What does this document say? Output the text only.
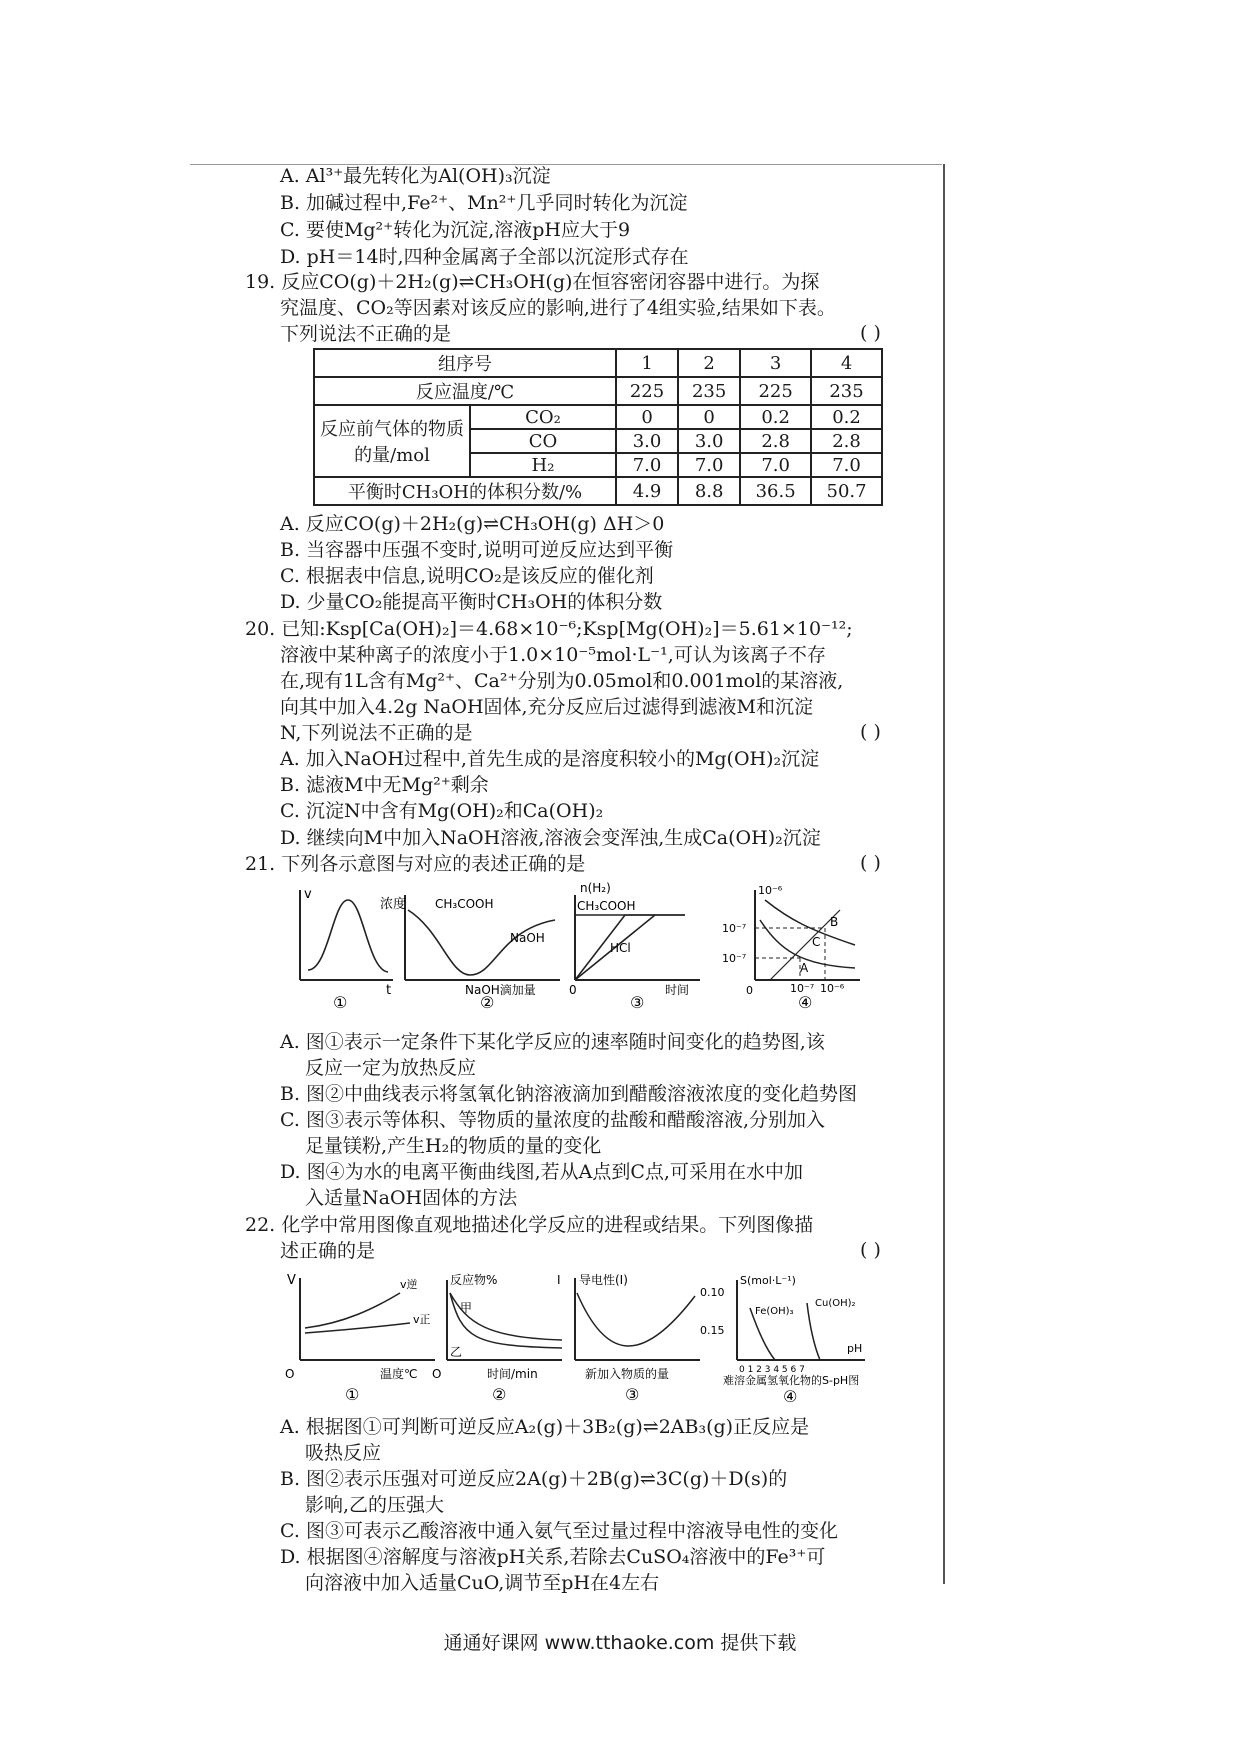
A. Al³⁺最先转化为Al(OH)₃沉淀
B. 加碱过程中,Fe²⁺、Mn²⁺几乎同时转化为沉淀
C. 要使Mg²⁺转化为沉淀,溶液pH应大于9
D. pH＝14时,四种金属离子全部以沉淀形式存在
19. 反应CO(g)＋2H₂(g)⇌CH₃OH(g)在恒容密闭容器中进行。为探
究温度、CO₂等因素对该反应的影响,进行了4组实验,结果如下表。
下列说法不正确的是	( )
组序号		1	2	3	4
反应温度/℃		225	235	225	235
反应前气体的物质的量/mol	CO₂	0	0	0.2	0.2
	CO	3.0	3.0	2.8	2.8
	H₂	7.0	7.0	7.0	7.0
平衡时CH₃OH的体积分数/%		4.9	8.8	36.5	50.7
A. 反应CO(g)＋2H₂(g)⇌CH₃OH(g) ΔH＞0
B. 当容器中压强不变时,说明可逆反应达到平衡
C. 根据表中信息,说明CO₂是该反应的催化剂
D. 少量CO₂能提高平衡时CH₃OH的体积分数
20. 已知:Ksp[Ca(OH)₂]＝4.68×10⁻⁶;Ksp[Mg(OH)₂]＝5.61×10⁻¹²;
溶液中某种离子的浓度小于1.0×10⁻⁵mol·L⁻¹,可认为该离子不存
在,现有1L含有Mg²⁺、Ca²⁺分别为0.05mol和0.001mol的某溶液,
向其中加入4.2g NaOH固体,充分反应后过滤得到滤液M和沉淀
N,下列说法不正确的是	( )
A. 加入NaOH过程中,首先生成的是溶度积较小的Mg(OH)₂沉淀
B. 滤液M中无Mg²⁺剩余
C. 沉淀N中含有Mg(OH)₂和Ca(OH)₂
D. 继续向M中加入NaOH溶液,溶液会变浑浊,生成Ca(OH)₂沉淀
21. 下列各示意图与对应的表述正确的是	( )
v
t
①
浓度 CH₃COOH
NaOH
NaOH滴加量
②
n(H₂)
CH₃COOH
HCl
0	时间
③
10⁻⁶
10⁻⁷
10⁻⁷
B
C
A
0	10⁻⁷ 10⁻⁶
④
A. 图①表示一定条件下某化学反应的速率随时间变化的趋势图,该
反应一定为放热反应
B. 图②中曲线表示将氢氧化钠溶液滴加到醋酸溶液浓度的变化趋势图
C. 图③表示等体积、等物质的量浓度的盐酸和醋酸溶液,分别加入
足量镁粉,产生H₂的物质的量的变化
D. 图④为水的电离平衡曲线图,若从A点到C点,可采用在水中加
入适量NaOH固体的方法
22. 化学中常用图像直观地描述化学反应的进程或结果。下列图像描
述正确的是	( )
V	v逆
v正
O	温度℃
①
反应物%
甲
乙
O	时间/min
②
I 导电性(I)
新加入物质的量
③
S(mol·L⁻¹)
0.10
0.15
Fe(OH)₃
Cu(OH)₂
pH
0 1 2 3 4 5 6 7
难溶金属氢氧化物的S-pH图
④
A. 根据图①可判断可逆反应A₂(g)＋3B₂(g)⇌2AB₃(g)正反应是
吸热反应
B. 图②表示压强对可逆反应2A(g)＋2B(g)⇌3C(g)＋D(s)的
影响,乙的压强大
C. 图③可表示乙酸溶液中通入氨气至过量过程中溶液导电性的变化
D. 根据图④溶解度与溶液pH关系,若除去CuSO₄溶液中的Fe³⁺可
向溶液中加入适量CuO,调节至pH在4左右
通通好课网 www.tthaoke.com 提供下载
